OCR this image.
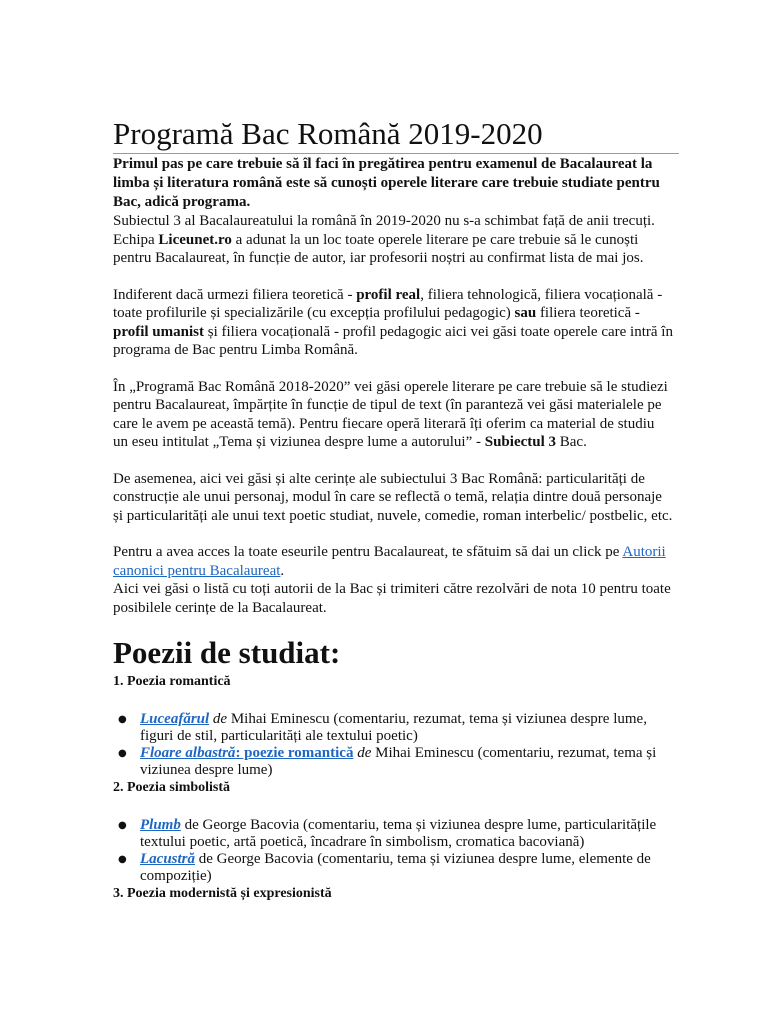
Programă Bac Română 2019-2020
Primul pas pe care trebuie să îl faci în pregătirea pentru examenul de Bacalaureat la limba și literatura română este să cunoști operele literare care trebuie studiate pentru Bac, adică programa.

Subiectul 3 al Bacalaureatului la română în 2019-2020 nu s-a schimbat față de anii trecuți.
Echipa Licеunet.ro a adunat la un loc toate operele literare pe care trebuie să le cunoști pentru Bacalaureat, în funcție de autor, iar profesorii noștri au confirmat lista de mai jos.

Indiferent dacă urmezi filiera teoretică - profil real, filiera tehnologică, filiera vocațională - toate profilurile și specializările (cu excepția profilului pedagogic) sau filiera teoretică - profil umanist și filiera vocațională - profil pedagogic aici vei găsi toate operele care intră în programa de Bac pentru Limba Română.

În „Programă Bac Română 2018-2020” vei găsi operele literare pe care trebuie să le studiezi pentru Bacalaureat, împărțite în funcție de tipul de text (în paranteză vei găsi materialele pe care le avem pe această temă). Pentru fiecare operă literară îți oferim ca material de studiu un eseu intitulat „Tema și viziunea despre lume a autorului” - Subiectul 3 Bac.

De asemenea, aici vei găsi și alte cerințe ale subiectului 3 Bac Română: particularități de construcție ale unui personaj, modul în care se reflectă o temă, relația dintre două personaje și particularități ale unui text poetic studiat, nuvele, comedie, roman interbelic/ postbelic, etc.

Pentru a avea acces la toate eseurile pentru Bacalaureat, te sfătuim să dai un click pe Autorii canonici pentru Bacalaureat.
Aici vei găsi o listă cu toți autorii de la Bac și trimiteri către rezolvări de nota 10 pentru toate posibilele cerințe de la Bacalaureat.

Poezii de studiat:
1. Poezia romantică
● Luceafărul de Mihai Eminescu (comentariu, rezumat, tema și viziunea despre lume, figuri de stil, particularități ale textului poetic)
● Floare albastră: poezie romantică de Mihai Eminescu (comentariu, rezumat, tema și viziunea despre lume)
2. Poezia simbolistă
● Plumb de George Bacovia (comentariu, tema și viziunea despre lume, particularitățile textului poetic, artă poetică, încadrare în simbolism, cromatica bacoviană)
● Lacustră de George Bacovia (comentariu, tema și viziunea despre lume, elemente de compoziție)
3. Poezia modernistă și expresionistă
